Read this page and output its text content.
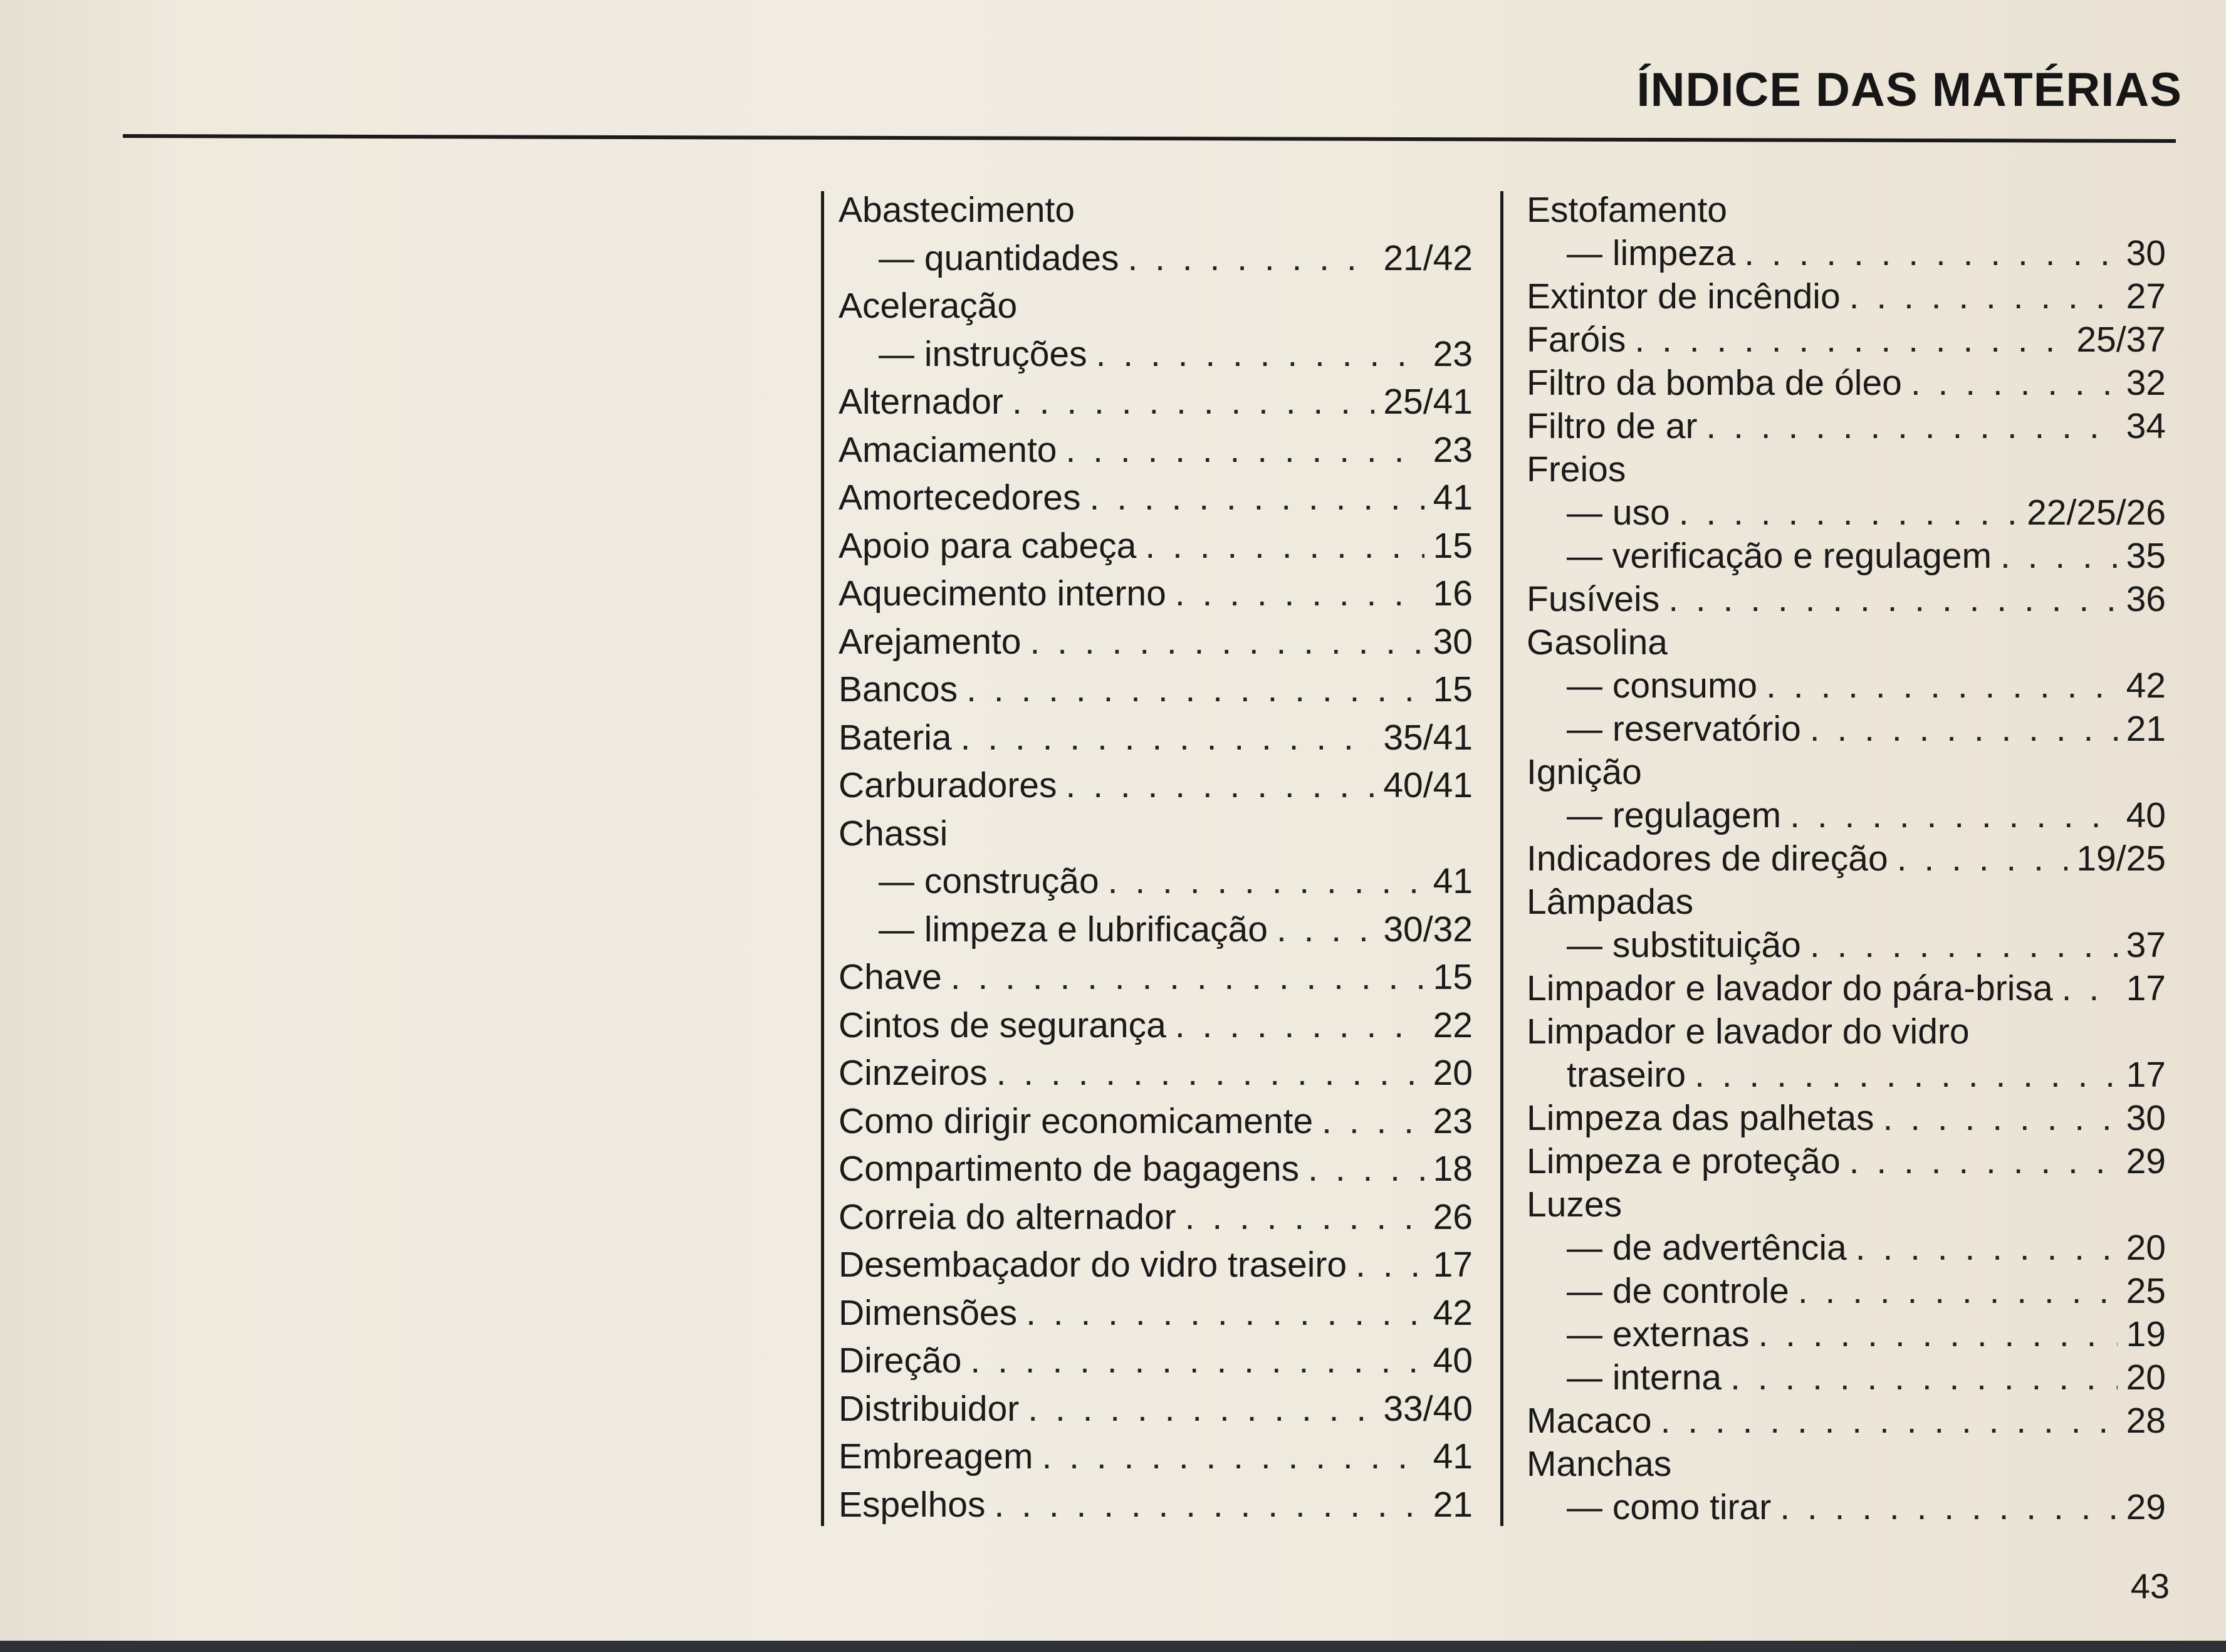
ÍNDICE DAS MATÉRIAS
Abastecimento
— quantidades . . .	21/42
Aceleração
— instruções . . .	23
Alternador . . .	25/41
Amaciamento . . .	23
Amortecedores . . .	41
Apoio para cabeça . . .	15
Aquecimento interno . . .	16
Arejamento . . .	30
Bancos . . .	15
Bateria . . .	35/41
Carburadores . . .	40/41
Chassi
— construção . . .	41
— limpeza e lubrificação . . .	30/32
Chave . . .	15
Cintos de segurança . . .	22
Cinzeiros . . .	20
Como dirigir economicamente . . .	23
Compartimento de bagagens . . .	18
Correia do alternador . . .	26
Desembaçador do vidro traseiro . . . 17
Dimensões . . .	42
Direção . . .	40
Distribuidor . . .	33/40
Embreagem . . .	41
Espelhos . . .	21
Estofamento
— limpeza . . .	30
Extintor de incêndio . . .	27
Faróis . . .	25/37
Filtro da bomba de óleo . . .	32
Filtro de ar . . .	34
Freios
— uso . . .	22/25/26
— verificação e regulagem . . .	35
Fusíveis . . .	36
Gasolina
— consumo . . .	42
— reservatório . . .	21
Ignição
— regulagem . . .	40
Indicadores de direção . . .	19/25
Lâmpadas
— substituição . . .	37
Limpador e lavador do pára-brisa . . . 17
Limpador e lavador do vidro
traseiro . . .	17
Limpeza das palhetas . . .	30
Limpeza e proteção . . .	29
Luzes
— de advertência . . .	20
— de controle . . .	25
— externas . . .	19
— interna . . .	20
Macaco . . .	28
Manchas
— como tirar . . .	29
43
